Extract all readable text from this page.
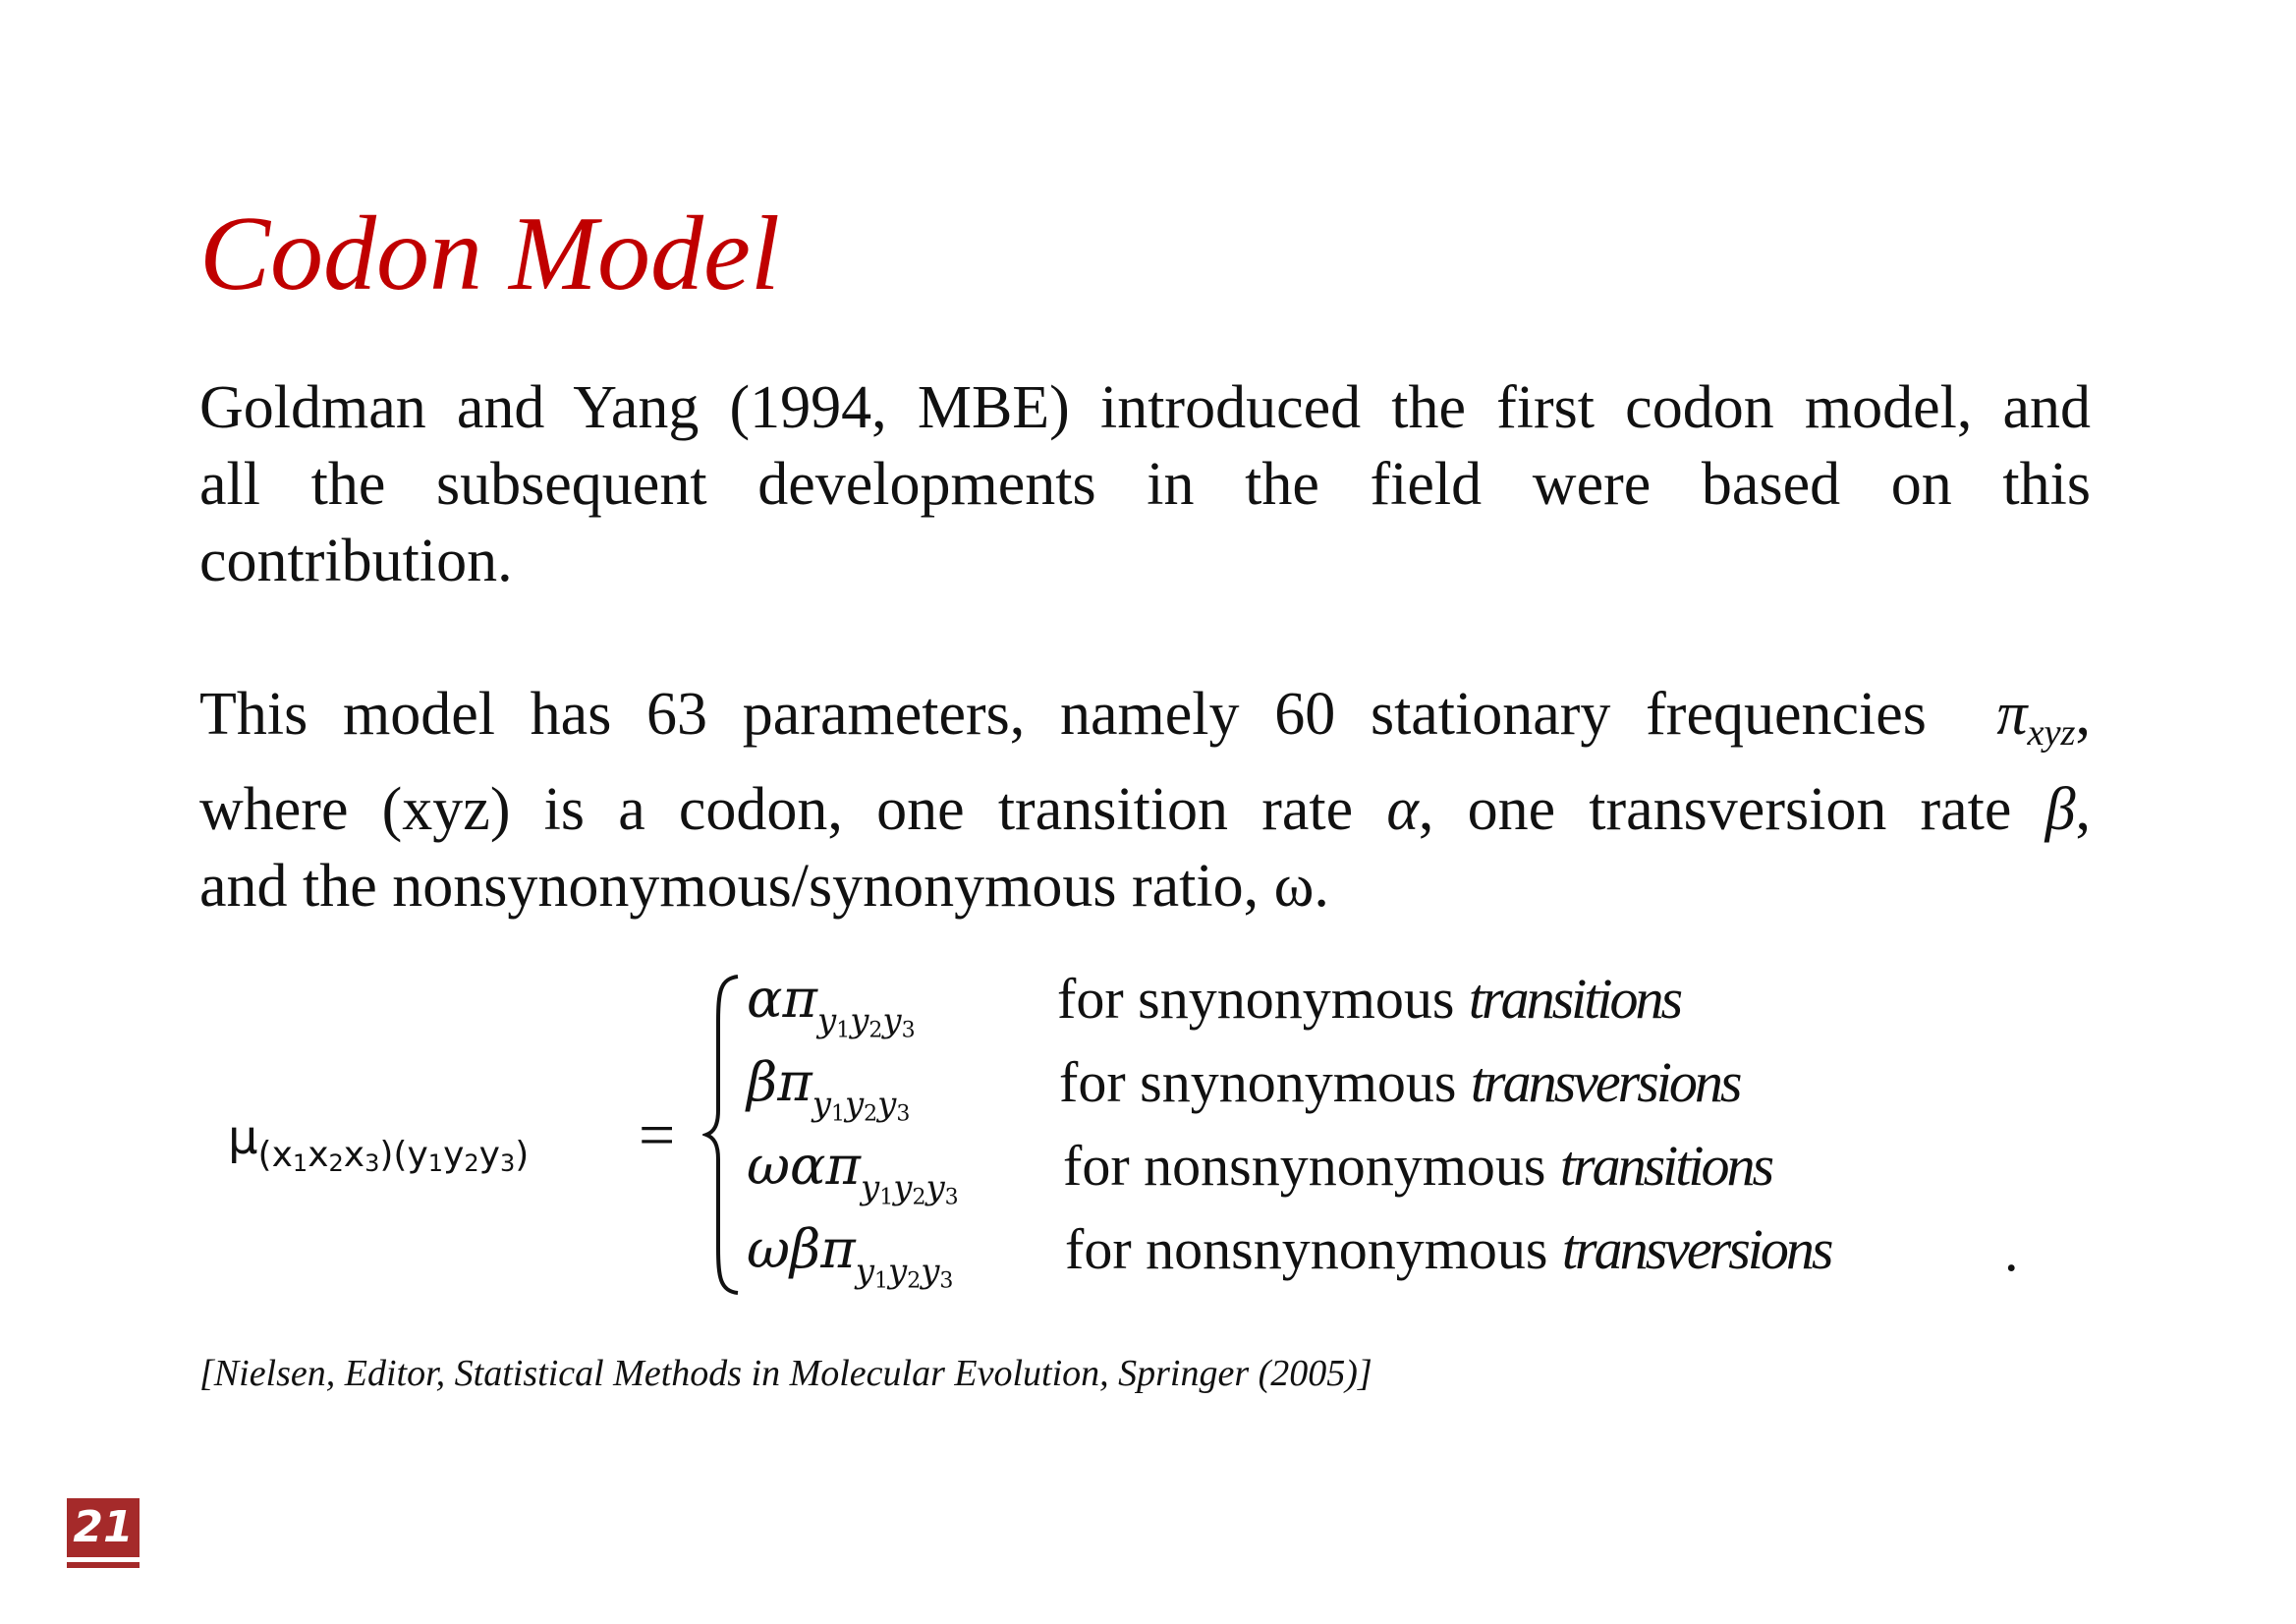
Codon Model
Goldman and Yang (1994, MBE) introduced the first codon model, and
all the subsequent developments in the field were based on this
contribution.
This model has 63 parameters, namely 60 stationary frequencies $\pi_{xyz}$,
where (xyz) is a codon, one transition rate α, one transversion rate β,
and the nonsynonymous/synonymous ratio, ω.
$\mu_{(x1x2x3)(y1y2y3)}$ =
$\alpha\pi_{y1y2y3}$
for snynonymous transitions
$\beta\pi_{y1y2y3}$
for snynonymous transversions
ωαπ$_{y1y2y3}$
for nonsnynonymous transitions
ωβπ$_{y1y2y3}$
for nonsnynonymous transversions	.
[Nielsen, Editor, Statistical Methods in Molecular Evolution, Springer (2005)]
21
